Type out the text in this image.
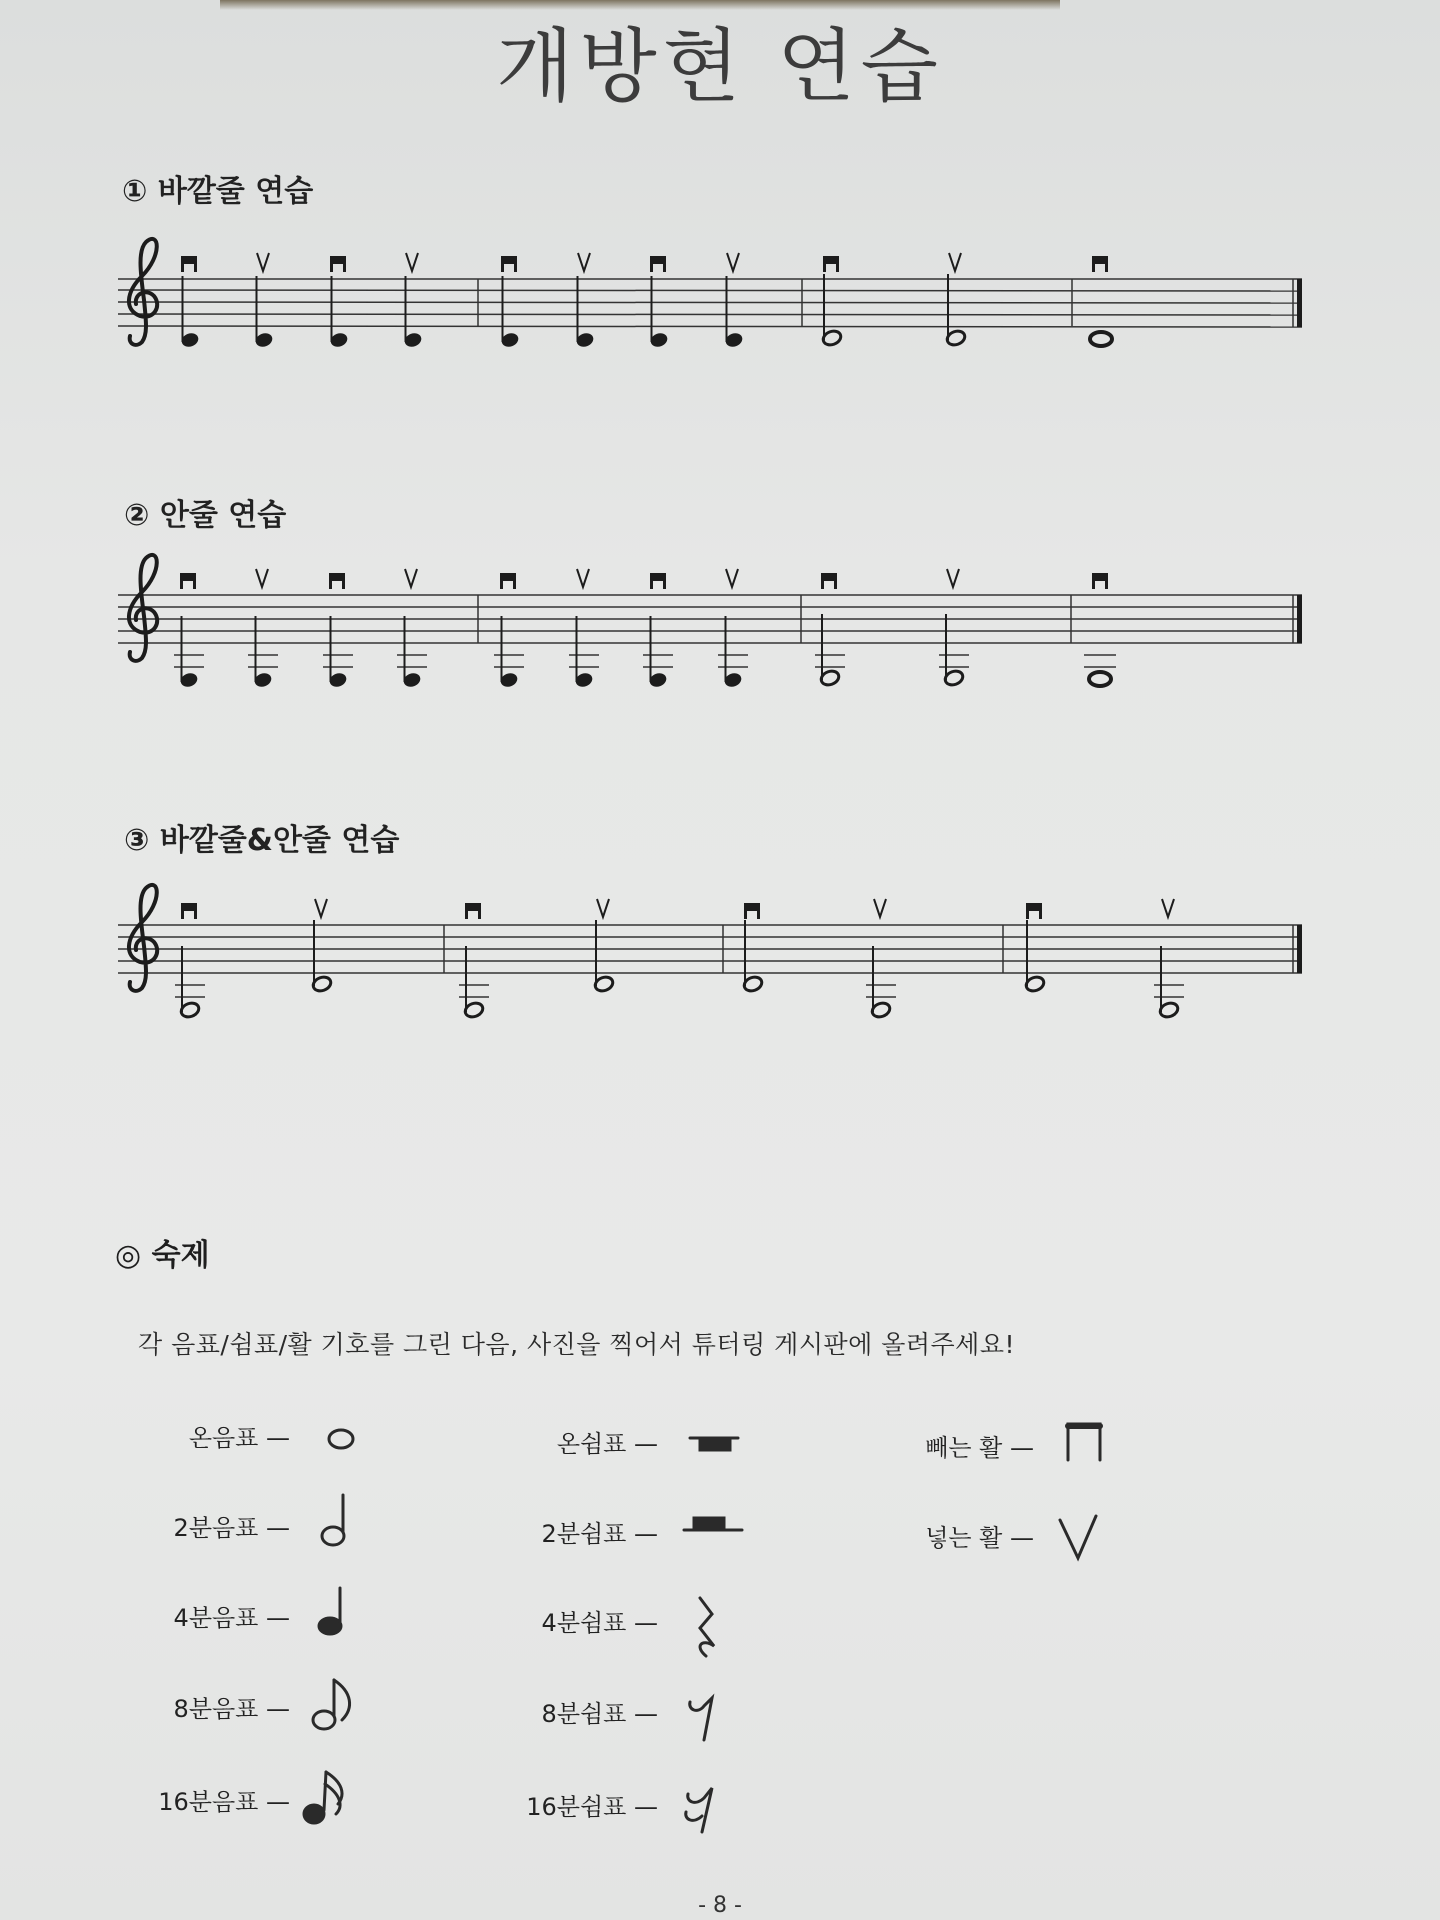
개방현 연습
① 바깥줄 연습
② 안줄 연습
③ 바깥줄&안줄 연습
◎ 숙제
각 음표/쉼표/활 기호를 그린 다음, 사진을 찍어서 튜터링 게시판에 올려주세요!
온음표 —
2분음표 —
4분음표 —
8분음표 —
16분음표 —
온쉼표 —
2분쉼표 —
4분쉼표 —
8분쉼표 —
16분쉼표 —
빼는 활 —
넣는 활 —
- 8 -
